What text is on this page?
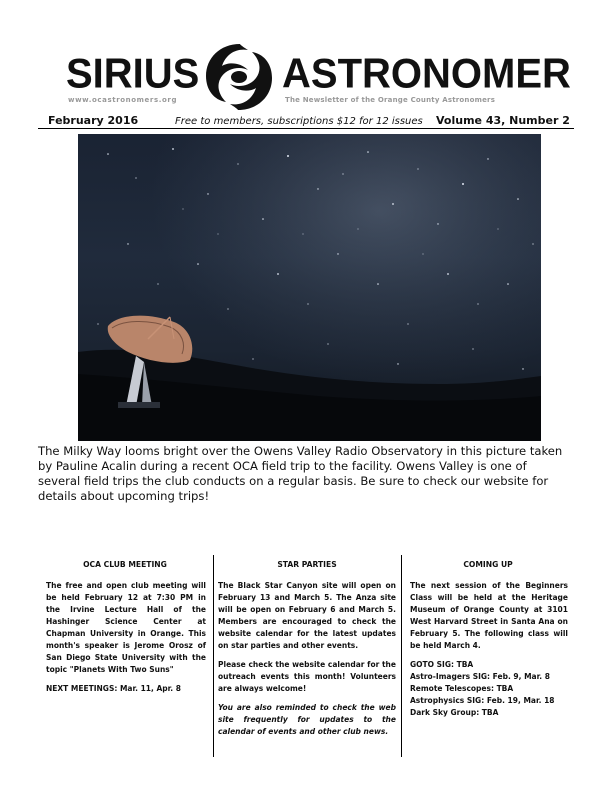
SIRIUS ASTRONOMER
www.ocastronomers.org	The Newsletter of the Orange County Astronomers
February 2016	Free to members, subscriptions $12 for 12 issues Volume 43, Number 2
The Milky Way looms bright over the Owens Valley Radio Observatory in this picture taken by Pauline Acalin during a recent OCA field trip to the facility. Owens Valley is one of several field trips the club conducts on a regular basis. Be sure to check our website for details about upcoming trips!
OCA CLUB MEETING

The free and open club meeting will be held February 12 at 7:30 PM in the Irvine Lecture Hall of the Hashinger Science Center at Chapman University in Orange. This month's speaker is Jerome Orosz of San Diego State University with the topic "Planets With Two Suns"

NEXT MEETINGS: Mar. 11, Apr. 8

STAR PARTIES

The Black Star Canyon site will open on February 13 and March 5. The Anza site will be open on February 6 and March 5. Members are encouraged to check the website calendar for the latest updates on star parties and other events.

Please check the website calendar for the outreach events this month! Volunteers are always welcome!

You are also reminded to check the web site frequently for updates to the calendar of events and other club news.

COMING UP

The next session of the Beginners Class will be held at the Heritage Museum of Orange County at 3101 West Harvard Street in Santa Ana on February 5. The following class will be held March 4.

GOTO SIG: TBA
Astro-Imagers SIG: Feb. 9, Mar. 8
Remote Telescopes: TBA
Astrophysics SIG: Feb. 19, Mar. 18
Dark Sky Group: TBA
